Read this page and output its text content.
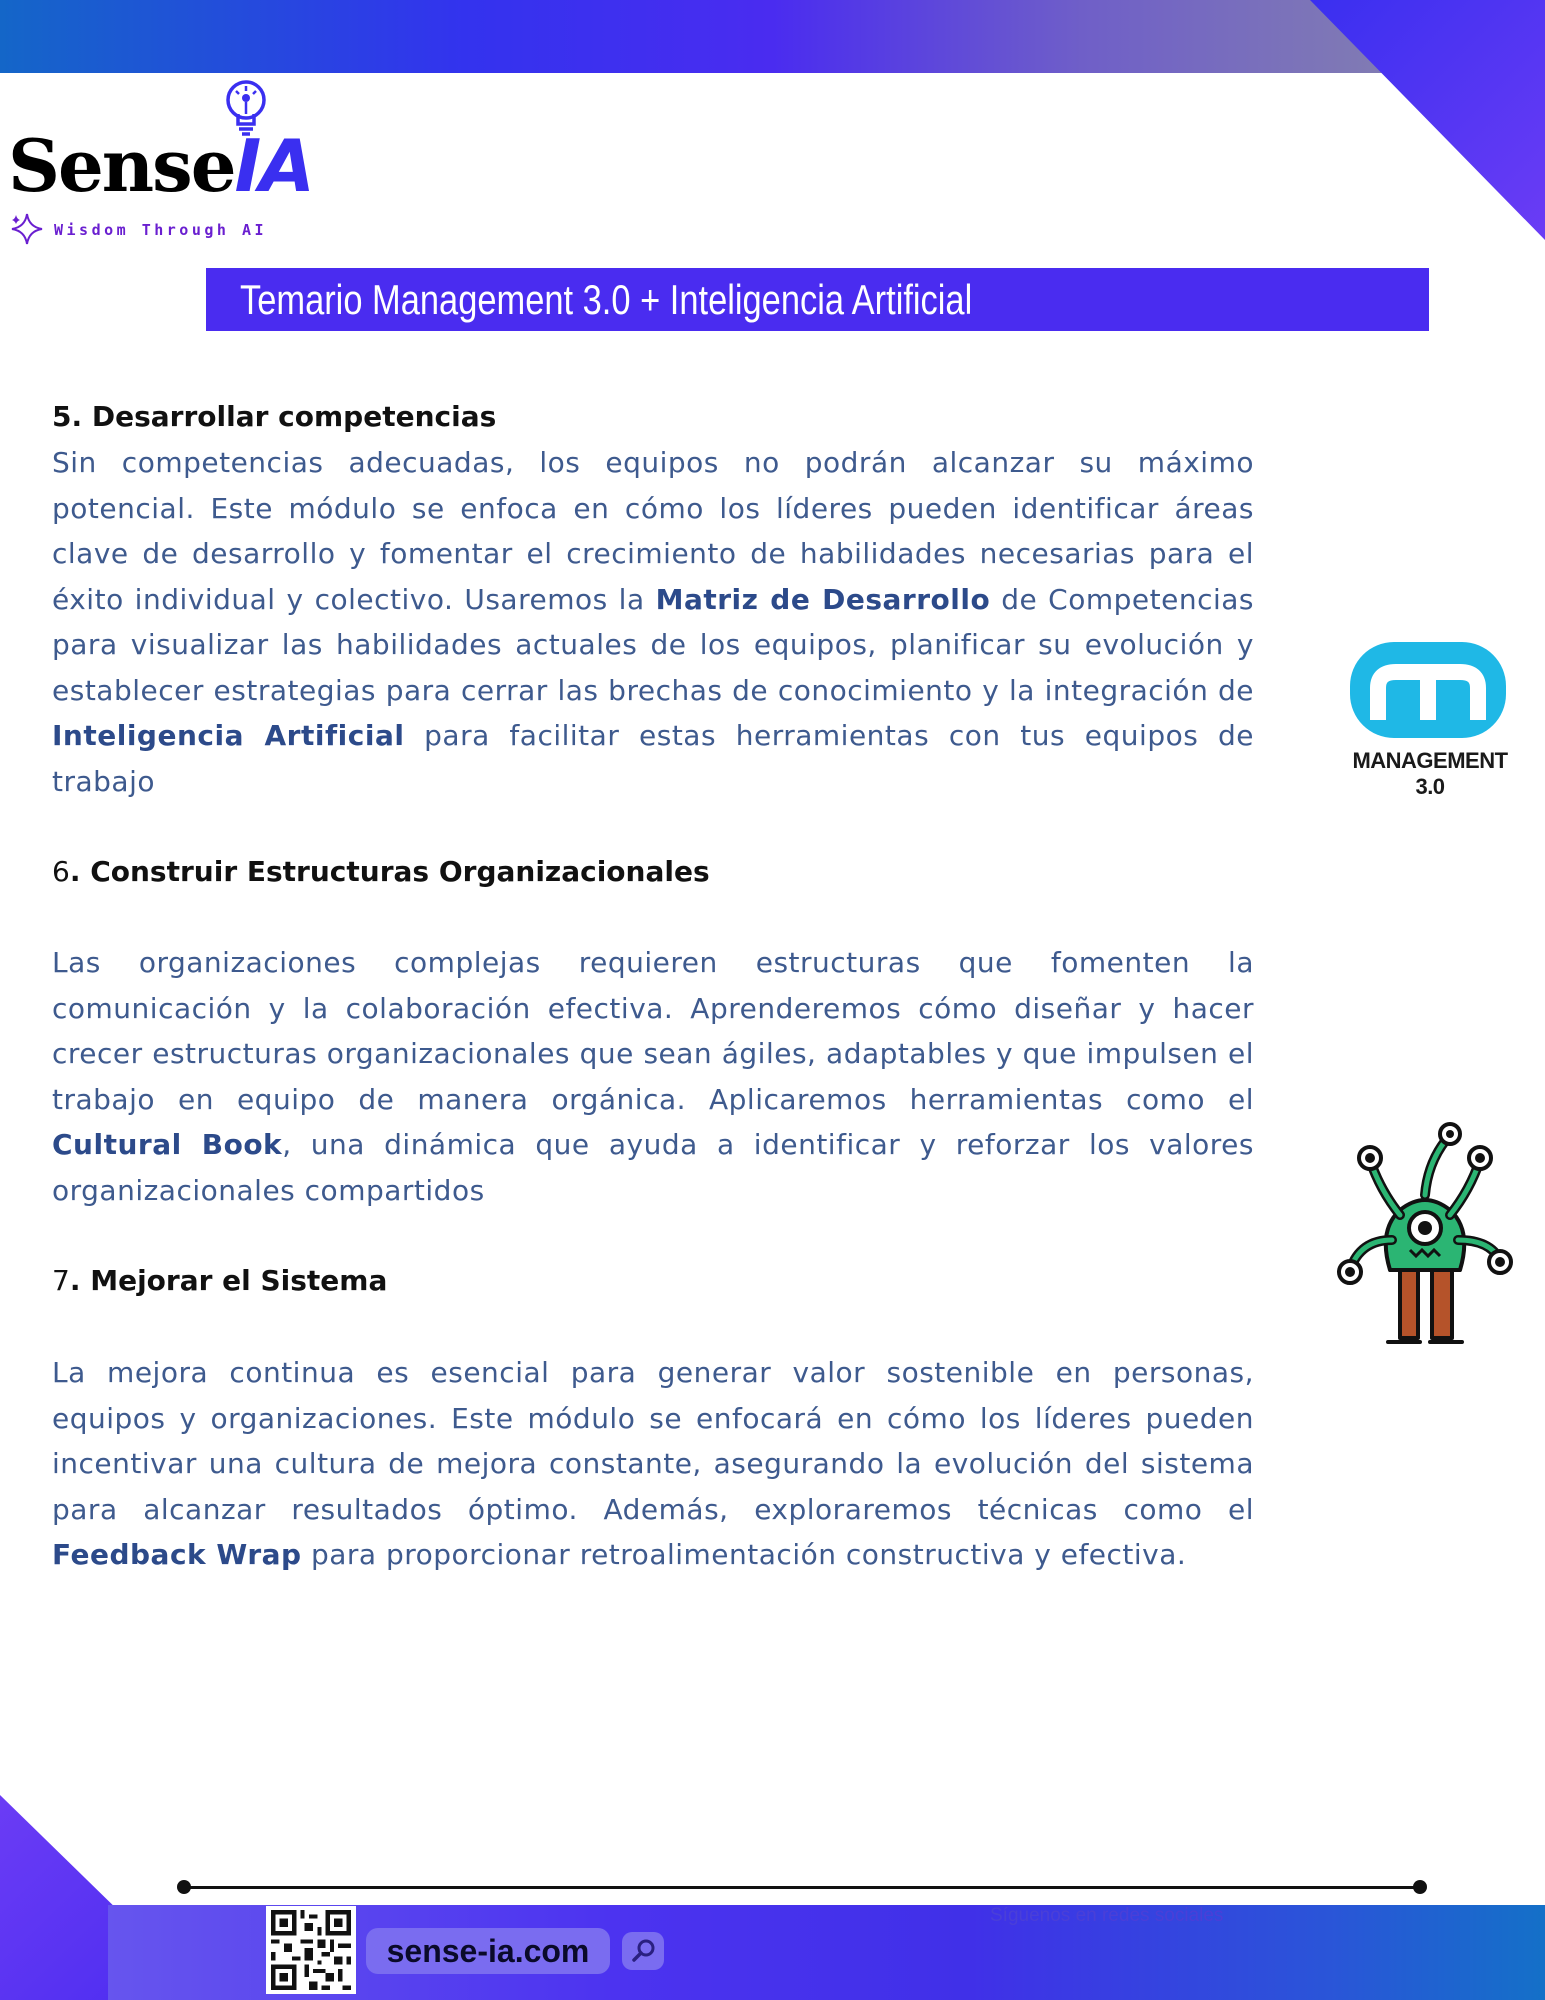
SenseIA
Wisdom Through AI
Temario Management 3.0 + Inteligencia Artificial
5. Desarrollar competencias
Sin competencias adecuadas, los equipos no podrán alcanzar su máximo potencial. Este módulo se enfoca en cómo los líderes pueden identificar áreas clave de desarrollo y fomentar el crecimiento de habilidades necesarias para el éxito individual y colectivo. Usaremos la Matriz de Desarrollo de Competencias para visualizar las habilidades actuales de los equipos, planificar su evolución y establecer estrategias para cerrar las brechas de conocimiento y la integración de Inteligencia Artificial para facilitar estas herramientas con tus equipos de trabajo
6. Construir Estructuras Organizacionales
Las organizaciones complejas requieren estructuras que fomenten la comunicación y la colaboración efectiva. Aprenderemos cómo diseñar y hacer crecer estructuras organizacionales que sean ágiles, adaptables y que impulsen el trabajo en equipo de manera orgánica. Aplicaremos herramientas como el Cultural Book, una dinámica que ayuda a identificar y reforzar los valores organizacionales compartidos
7. Mejorar el Sistema
La mejora continua es esencial para generar valor sostenible en personas, equipos y organizaciones. Este módulo se enfocará en cómo los líderes pueden incentivar una cultura de mejora constante, asegurando la evolución del sistema para alcanzar resultados óptimo. Además, exploraremos técnicas como el Feedback Wrap para proporcionar retroalimentación constructiva y efectiva.
MANAGEMENT 3.0
sense-ia.com
Síguenos en redes sociales
